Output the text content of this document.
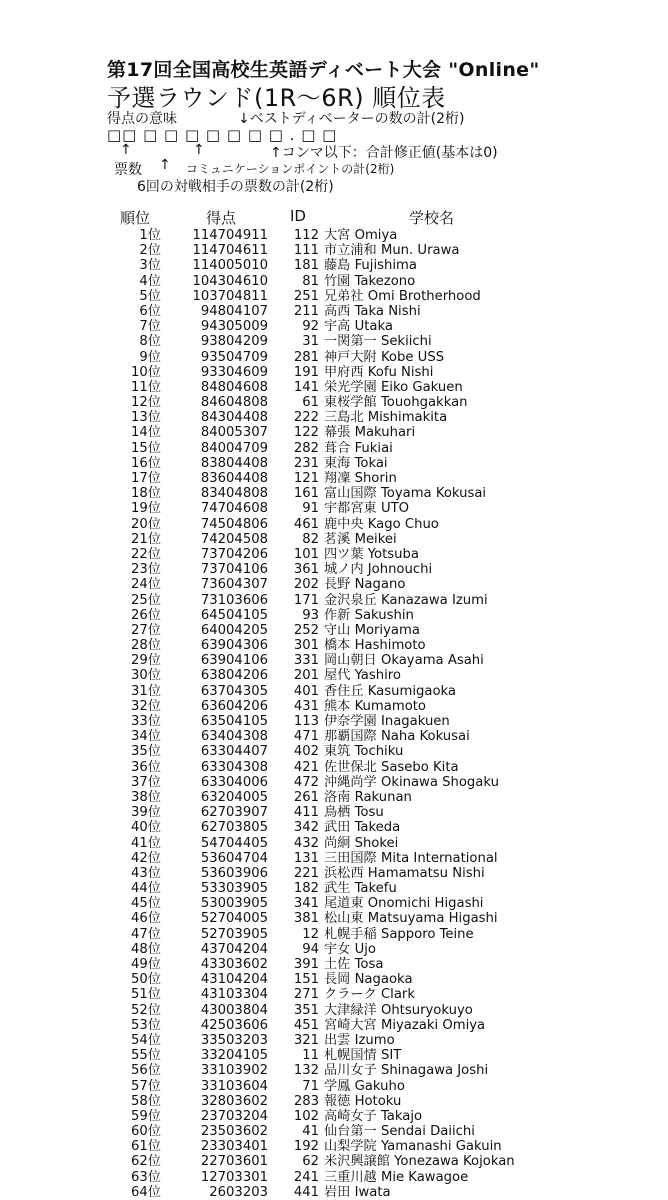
第17回全国高校生英語ディベート大会 "Online"
予選ラウンド(1R～6R) 順位表
得点の意味	↓ベストディベーターの数の計(2桁)
□□ □ □ □ □ □ □ □ . □ □
↑	↑	↑コンマ以下：合計修正値(基本は0)
票数 ↑ コミュニケーションポイントの計(2桁)
6回の対戦相手の票数の計(2桁)
順位	得点	ID	学校名
1位 114704911 112 大宮 Omiya
2位 114704611 111 市立浦和 Mun. Urawa
3位 114005010 181 藤島 Fujishima
4位 104304610	81 竹園 Takezono
5位 103704811 251 兄弟社 Omi Brotherhood
6位	94804107 211 高西 Taka Nishi
7位	94305009	92 宇高 Utaka
8位	93804209	31 一関第一 Sekiichi
9位	93504709 281 神戸大附 Kobe USS
10位	93304609 191 甲府西 Kofu Nishi
11位	84804608 141 栄光学園 Eiko Gakuen
12位	84604808	61 東桜学館 Touohgakkan
13位	84304408 222 三島北 Mishimakita
14位	84005307 122 幕張 Makuhari
15位	84004709 282 葺合 Fukiai
16位	83804408 231 東海 Tokai
17位	83604408 121 翔凜 Shorin
18位	83404808 161 富山国際 Toyama Kokusai
19位	74704608	91 宇都宮東 UTO
20位	74504806 461 鹿中央 Kago Chuo
21位	74204508	82 茗溪 Meikei
22位	73704206 101 四ツ葉 Yotsuba
23位	73704106 361 城ノ内 Johnouchi
24位	73604307 202 長野 Nagano
25位	73103606 171 金沢泉丘 Kanazawa Izumi
26位	64504105	93 作新 Sakushin
27位	64004205 252 守山 Moriyama
28位	63904306 301 橋本 Hashimoto
29位	63904106 331 岡山朝日 Okayama Asahi
30位	63804206 201 屋代 Yashiro
31位	63704305 401 香住丘 Kasumigaoka
32位	63604206 431 熊本 Kumamoto
33位	63504105 113 伊奈学園 Inagakuen
34位	63404308 471 那覇国際 Naha Kokusai
35位	63304407 402 東筑 Tochiku
36位	63304308 421 佐世保北 Sasebo Kita
37位	63304006 472 沖縄尚学 Okinawa Shogaku
38位	63204005 261 洛南 Rakunan
39位	62703907 411 鳥栖 Tosu
40位	62703805 342 武田 Takeda
41位	54704405 432 尚絅 Shokei
42位	53604704 131 三田国際 Mita International
43位	53603906 221 浜松西 Hamamatsu Nishi
44位	53303905 182 武生 Takefu
45位	53003905 341 尾道東 Onomichi Higashi
46位	52704005 381 松山東 Matsuyama Higashi
47位	52703905	12 札幌手稲 Sapporo Teine
48位	43704204	94 宇女 Ujo
49位	43303602 391 土佐 Tosa
50位	43104204 151 長岡 Nagaoka
51位	43103304 271 クラーク Clark
52位	43003804 351 大津緑洋 Ohtsuryokuyo
53位	42503606 451 宮崎大宮 Miyazaki Omiya
54位	33503203 321 出雲 Izumo
55位	33204105	11 札幌国情 SIT
56位	33103902 132 品川女子 Shinagawa Joshi
57位	33103604	71 学鳳 Gakuho
58位	32803602 283 報徳 Hotoku
59位	23703204 102 高崎女子 Takajo
60位	23503602	41 仙台第一 Sendai Daiichi
61位	23303401 192 山梨学院 Yamanashi Gakuin
62位	22703601	62 米沢興譲館 Yonezawa Kojokan
63位	12703301 241 三重川越 Mie Kawagoe
64位	2603203 441 岩田 Iwata
